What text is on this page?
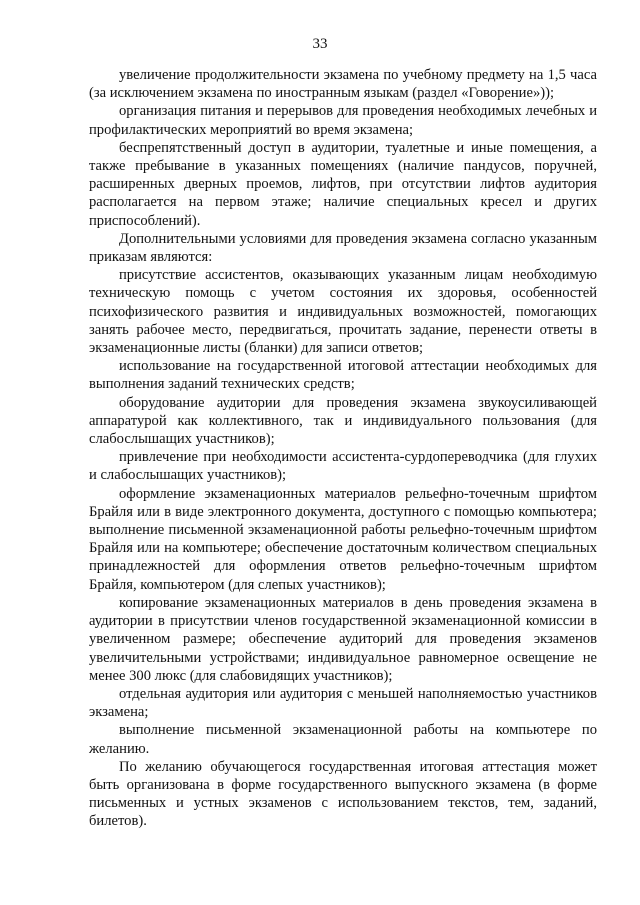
33

увеличение продолжительности экзамена по учебному предмету на 1,5 часа (за исключением экзамена по иностранным языкам (раздел «Говорение»));

организация питания и перерывов для проведения необходимых лечебных и профилактических мероприятий во время экзамена;

беспрепятственный доступ в аудитории, туалетные и иные помещения, а также пребывание в указанных помещениях (наличие пандусов, поручней, расширенных дверных проемов, лифтов, при отсутствии лифтов аудитория располагается на первом этаже; наличие специальных кресел и других приспособлений).

Дополнительными условиями для проведения экзамена согласно указанным приказам являются:

присутствие ассистентов, оказывающих указанным лицам необходимую техническую помощь с учетом состояния их здоровья, особенностей психофизического развития и индивидуальных возможностей, помогающих занять рабочее место, передвигаться, прочитать задание, перенести ответы в экзаменационные листы (бланки) для записи ответов;

использование на государственной итоговой аттестации необходимых для выполнения заданий технических средств;

оборудование аудитории для проведения экзамена звукоусиливающей аппаратурой как коллективного, так и индивидуального пользования (для слабослышащих участников);

привлечение при необходимости ассистента-сурдопереводчика (для глухих и слабослышащих участников);

оформление экзаменационных материалов рельефно-точечным шрифтом Брайля или в виде электронного документа, доступного с помощью компьютера; выполнение письменной экзаменационной работы рельефно-точечным шрифтом Брайля или на компьютере; обеспечение достаточным количеством специальных принадлежностей для оформления ответов рельефно-точечным шрифтом Брайля, компьютером (для слепых участников);

копирование экзаменационных материалов в день проведения экзамена в аудитории в присутствии членов государственной экзаменационной комиссии в увеличенном размере; обеспечение аудиторий для проведения экзаменов увеличительными устройствами; индивидуальное равномерное освещение не менее 300 люкс (для слабовидящих участников);

отдельная аудитория или аудитория с меньшей наполняемостью участников экзамена;

выполнение письменной экзаменационной работы на компьютере по желанию.

По желанию обучающегося государственная итоговая аттестация может быть организована в форме государственного выпускного экзамена (в форме письменных и устных экзаменов с использованием текстов, тем, заданий, билетов).
